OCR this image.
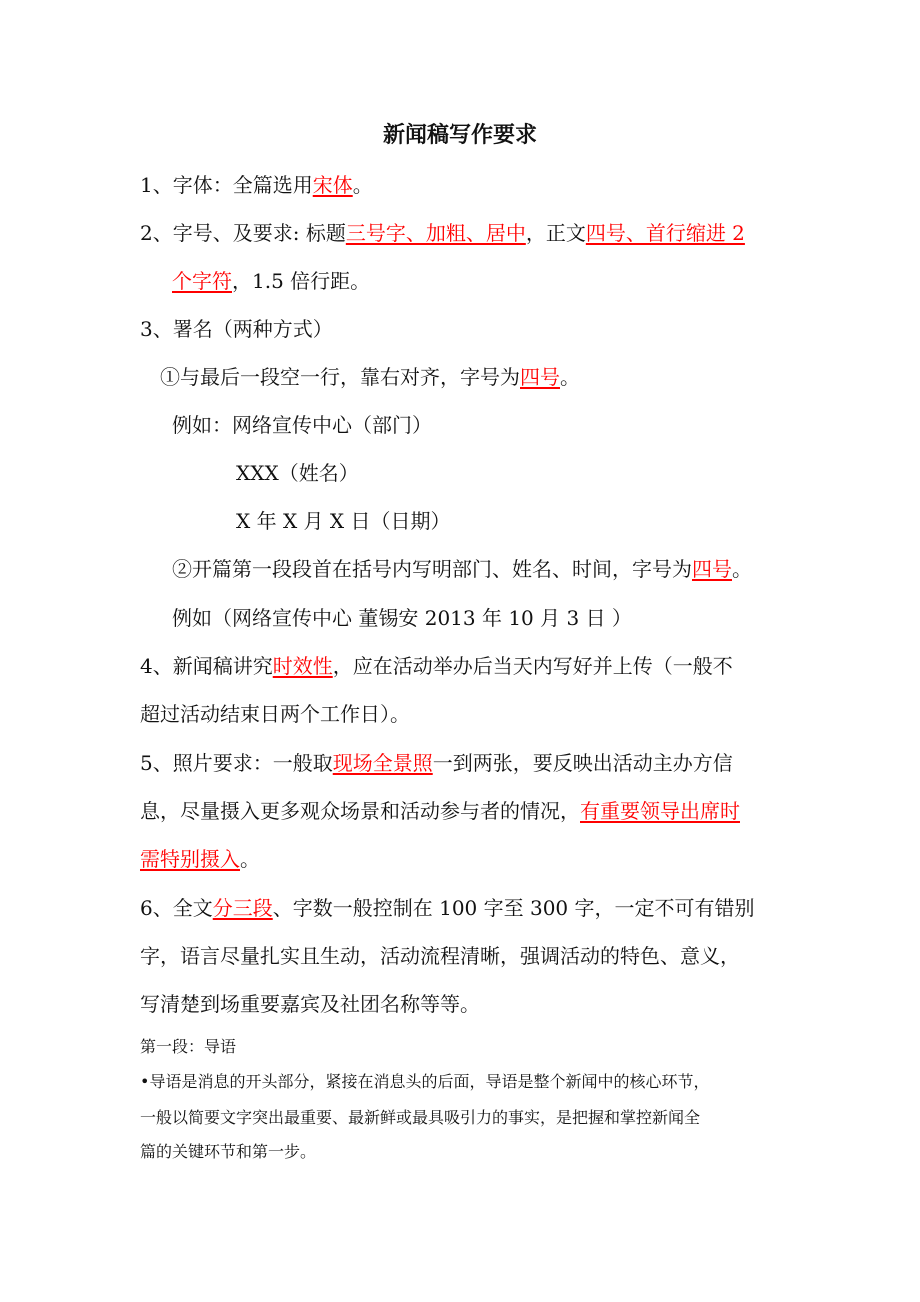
新闻稿写作要求
1、字体：全篇选用宋体。
2、字号、及要求: 标题三号字、加粗、居中，正文四号、首行缩进 2
个字符，1.5 倍行距。
3、署名（两种方式）
①与最后一段空一行，靠右对齐，字号为四号。
例如：网络宣传中心（部门）
XXX（姓名）
X 年 X 月 X 日（日期）
②开篇第一段段首在括号内写明部门、姓名、时间，字号为四号。
例如（网络宣传中心 董锡安 2013 年 10 月 3 日 ）
4、新闻稿讲究时效性，应在活动举办后当天内写好并上传（一般不
超过活动结束日两个工作日）。
5、照片要求：一般取现场全景照一到两张，要反映出活动主办方信
息，尽量摄入更多观众场景和活动参与者的情况，有重要领导出席时
需特别摄入。
6、全文分三段、字数一般控制在 100 字至 300 字，一定不可有错别
字，语言尽量扎实且生动，活动流程清晰，强调活动的特色、意义，
写清楚到场重要嘉宾及社团名称等等。
第一段：导语
•导语是消息的开头部分，紧接在消息头的后面，导语是整个新闻中的核心环节，
一般以简要文字突出最重要、最新鲜或最具吸引力的事实，是把握和掌控新闻全
篇的关键环节和第一步。
